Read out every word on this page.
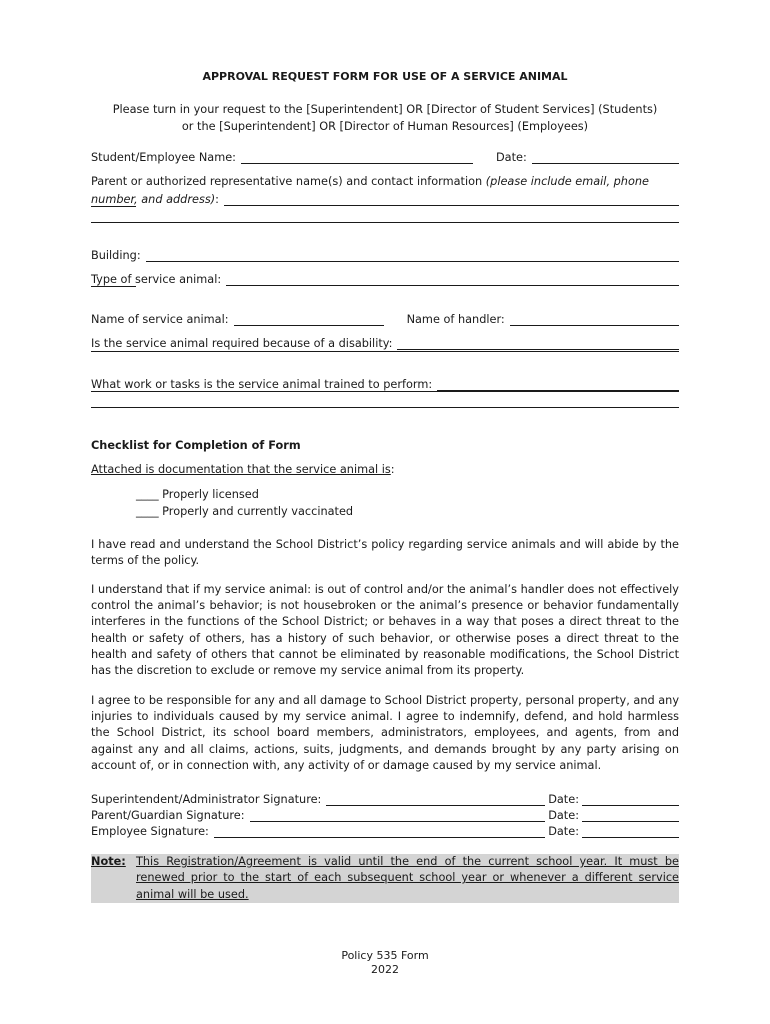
APPROVAL REQUEST FORM FOR USE OF A SERVICE ANIMAL
Please turn in your request to the [Superintendent] OR [Director of Student Services] (Students)
or the [Superintendent] OR [Director of Human Resources] (Employees)
Student/Employee Name:	Date:
Parent or authorized representative name(s) and contact information (please include email, phone
number, and address) :
Building:
Type of service animal:
Name of service animal:	Name of handler:
Is the service animal required because of a disability:
What work or tasks is the service animal trained to perform:
Checklist for Completion of Form
Attached is documentation that the service animal is:
____ Properly licensed
____ Properly and currently vaccinated
I have read and understand the School District’s policy regarding service animals and will abide by the terms of the policy.
I understand that if my service animal: is out of control and/or the animal’s handler does not effectively control the animal’s behavior; is not housebroken or the animal’s presence or behavior fundamentally interferes in the functions of the School District; or behaves in a way that poses a direct threat to the health or safety of others, has a history of such behavior, or otherwise poses a direct threat to the health and safety of others that cannot be eliminated by reasonable modifications, the School District has the discretion to exclude or remove my service animal from its property.
I agree to be responsible for any and all damage to School District property, personal property, and any injuries to individuals caused by my service animal. I agree to indemnify, defend, and hold harmless the School District, its school board members, administrators, employees, and agents, from and against any and all claims, actions, suits, judgments, and demands brought by any party arising on account of, or in connection with, any activity of or damage caused by my service animal.
Superintendent/Administrator Signature:	Date:
Parent/Guardian Signature:	Date:
Employee Signature:	Date:
Note: This Registration/Agreement is valid until the end of the current school year. It must be renewed prior to the start of each subsequent school year or whenever a different service animal will be used.
Policy 535 Form
2022
